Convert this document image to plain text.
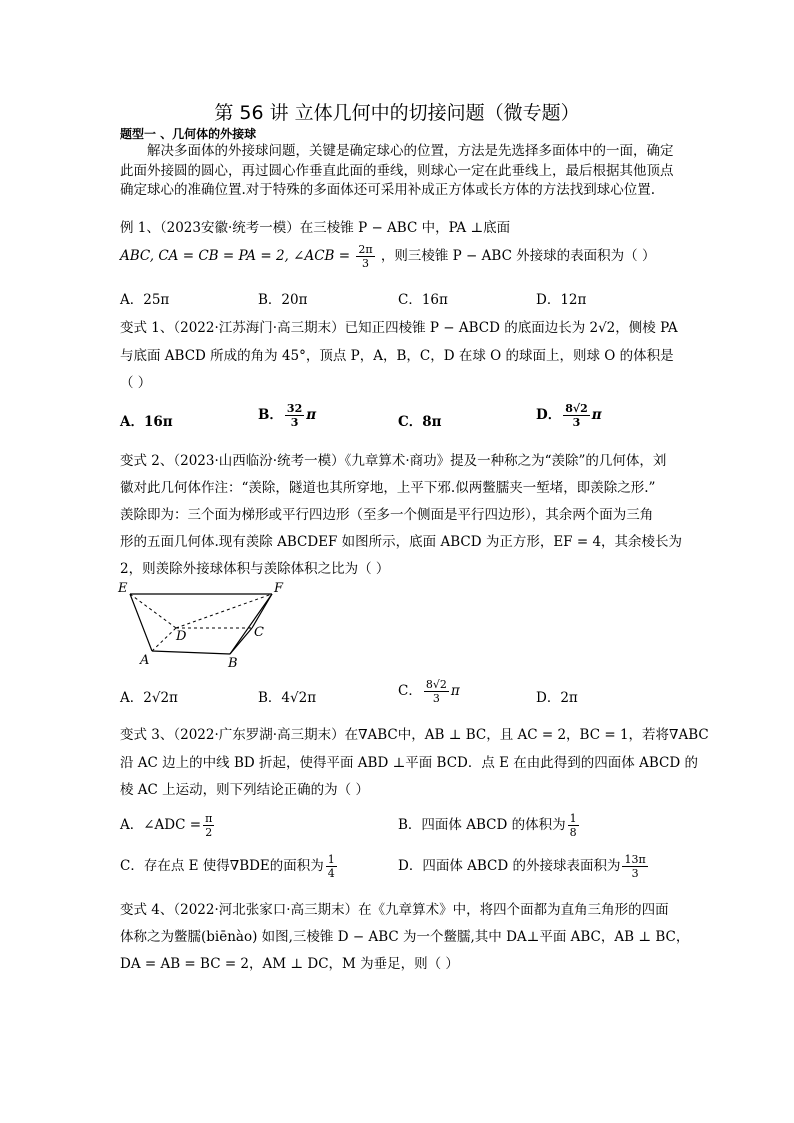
第 56 讲 立体几何中的切接问题（微专题）
题型一 、几何体的外接球
解决多面体的外接球问题，关键是确定球心的位置，方法是先选择多面体中的一面，确定此面外接圆的圆心，再过圆心作垂直此面的垂线，则球心一定在此垂线上，最后根据其他顶点确定球心的准确位置.对于特殊的多面体还可采用补成正方体或长方体的方法找到球心位置.
例 1、（2023安徽·统考一模）在三棱锥 P − ABC 中，PA ⊥底面
ABC, CA = CB = PA = 2, ∠ACB = $\frac{2\pi}{3}$ ，则三棱锥 P − ABC 外接球的表面积为（ ）
A．25π	B．20π	C．16π	D．12π
变式 1、（2022·江苏海门·高三期末）已知正四棱锥 P − ABCD 的底面边长为 2√2，侧棱 PA
与底面 ABCD 所成的角为 45°，顶点 P，A，B，C，D 在球 O 的球面上，则球 O 的体积是
（ ）
A．16π	B． $\frac{32}{3}$ π	C．8π	D． $\frac{8√2}{3}$ π
变式 2、（2023·山西临汾·统考一模）《九章算术·商功》提及一种称之为“羡除”的几何体，刘
徽对此几何体作注：“羡除，隧道也其所穿地，上平下邪.似两鳖臑夹一堑堵，即羡除之形.”
羡除即为：三个面为梯形或平行四边形（至多一个侧面是平行四边形），其余两个面为三角
形的五面几何体.现有羡除 ABCDEF 如图所示，底面 ABCD 为正方形，EF = 4，其余棱长为
2，则羡除外接球体积与羡除体积之比为（ ）
E	F
D	C
A	B
A．2√2π	B．4√2π	C． $\frac{8√2}{3}$ π	D．2π
变式 3、（2022·广东罗湖·高三期末）在∇ABC中，AB ⊥ BC，且 AC = 2，BC = 1，若将∇ABC
沿 AC 边上的中线 BD 折起，使得平面 ABD ⊥平面 BCD．点 E 在由此得到的四面体 ABCD 的
棱 AC 上运动，则下列结论正确的为（ ）
A．∠ADC = $\frac{\pi}{2}$	B．四面体 ABCD 的体积为 $\frac{1}{8}$
C．存在点 E 使得∇BDE的面积为 $\frac{1}{4}$	D．四面体 ABCD 的外接球表面积为 $\frac{13\pi}{3}$
变式 4、（2022·河北张家口·高三期末）在《九章算术》中，将四个面都为直角三角形的四面
体称之为鳖臑(biēnào) 如图,三棱锥 D − ABC 为一个鳖臑,其中 DA⊥平面 ABC，AB ⊥ BC，
DA = AB = BC = 2，AM ⊥ DC，M 为垂足，则（ ）
